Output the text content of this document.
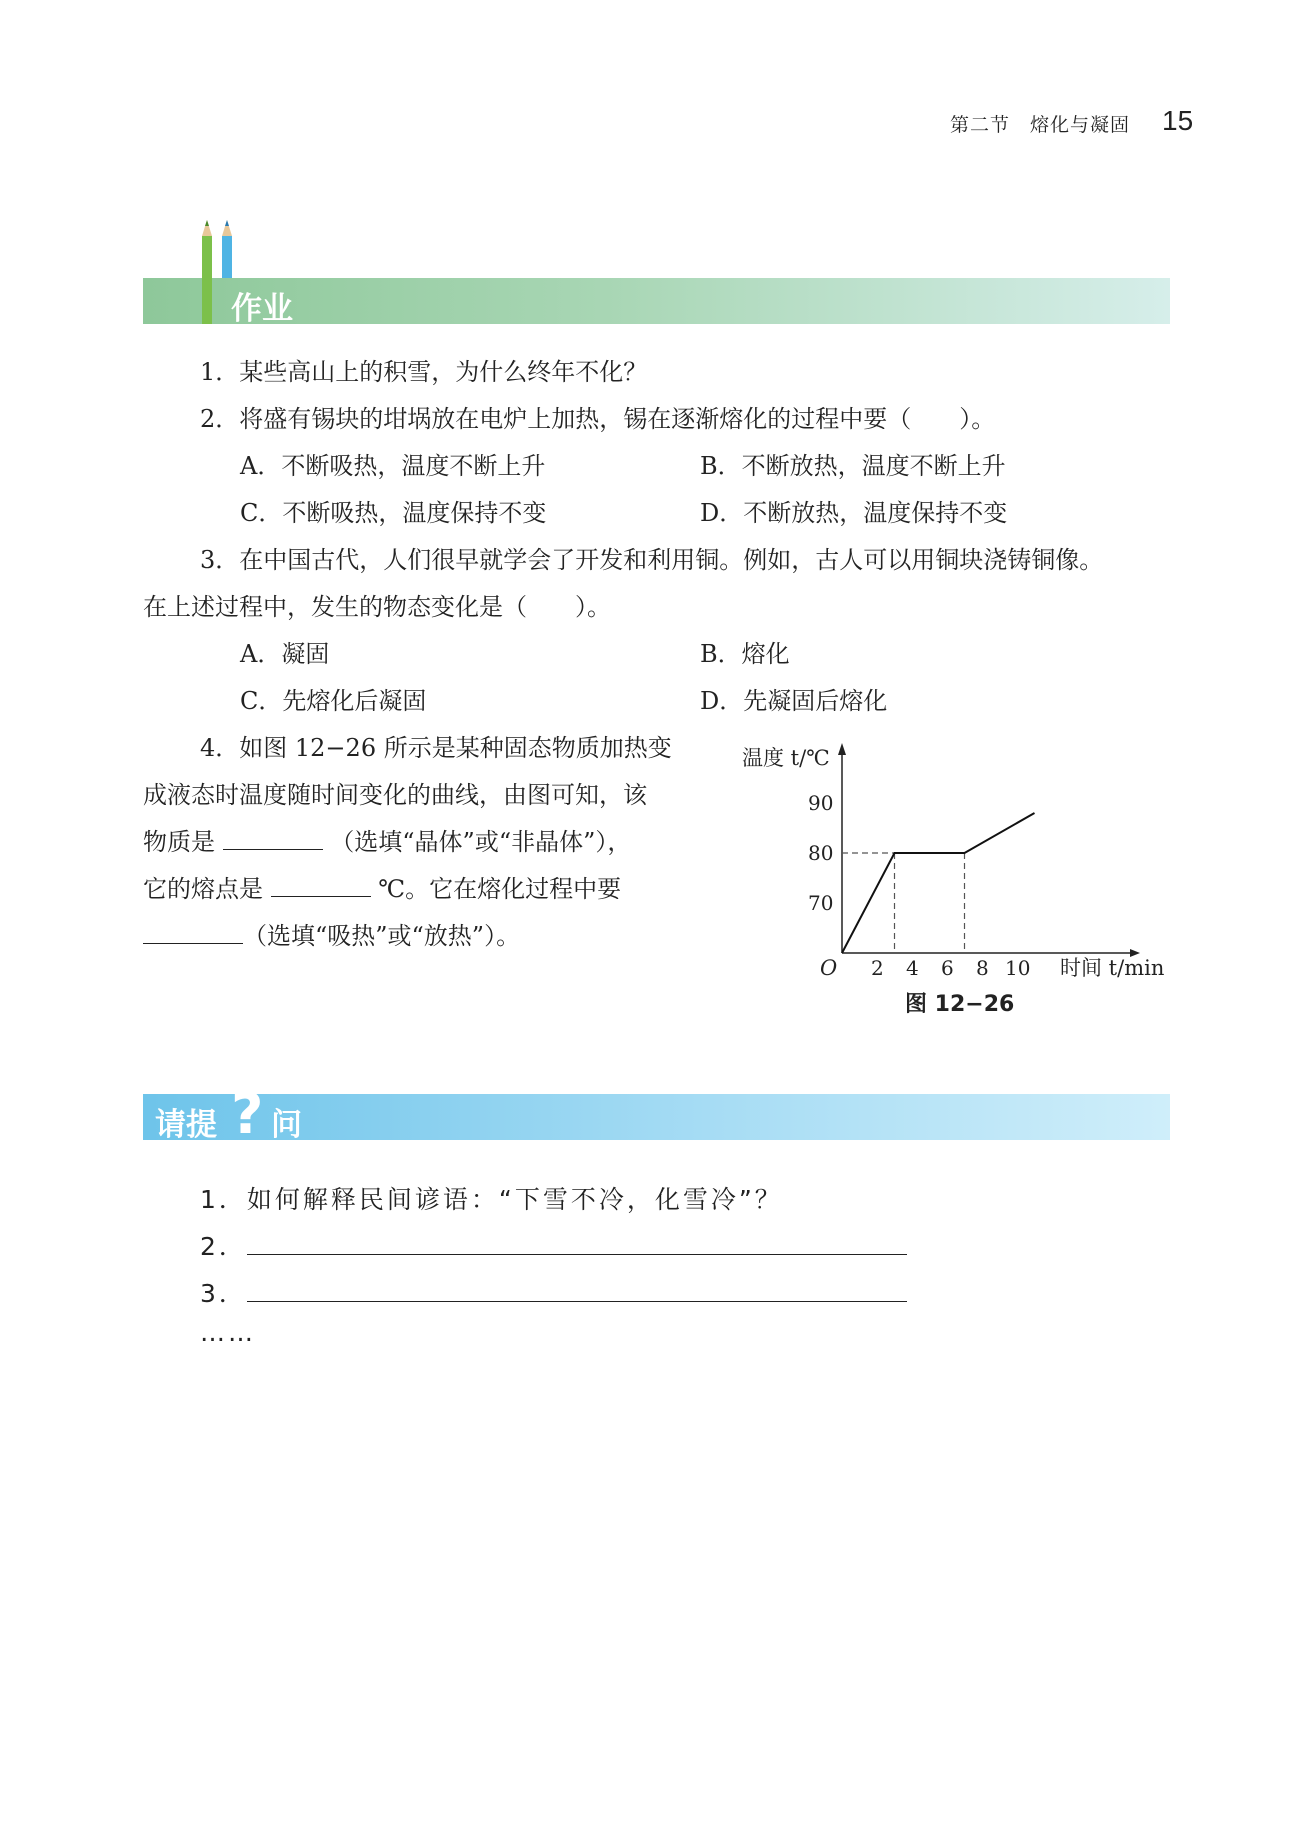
第二节　熔化与凝固 15
作业
1．某些高山上的积雪，为什么终年不化？
2．将盛有锡块的坩埚放在电炉上加热，锡在逐渐熔化的过程中要（　　）。
A．不断吸热，温度不断上升	B．不断放热，温度不断上升
C．不断吸热，温度保持不变	D．不断放热，温度保持不变
3．在中国古代，人们很早就学会了开发和利用铜。例如，古人可以用铜块浇铸铜像。
在上述过程中，发生的物态变化是（　　）。
A．凝固	B．熔化
C．先熔化后凝固	D．先凝固后熔化
4．如图 12−26 所示是某种固态物质加热变
成液态时温度随时间变化的曲线，由图可知，该
物质是	（选填“晶体”或“非晶体”），
它的熔点是	℃。它在熔化过程中要
（选填“吸热”或“放热”）。
温度 t/℃
时间 t/min
O 2 4 6 8 10
70
80
90
图 12−26
请提 ? 问
1．如何解释民间谚语：“下雪不冷，化雪冷”？
2．
3．
……
